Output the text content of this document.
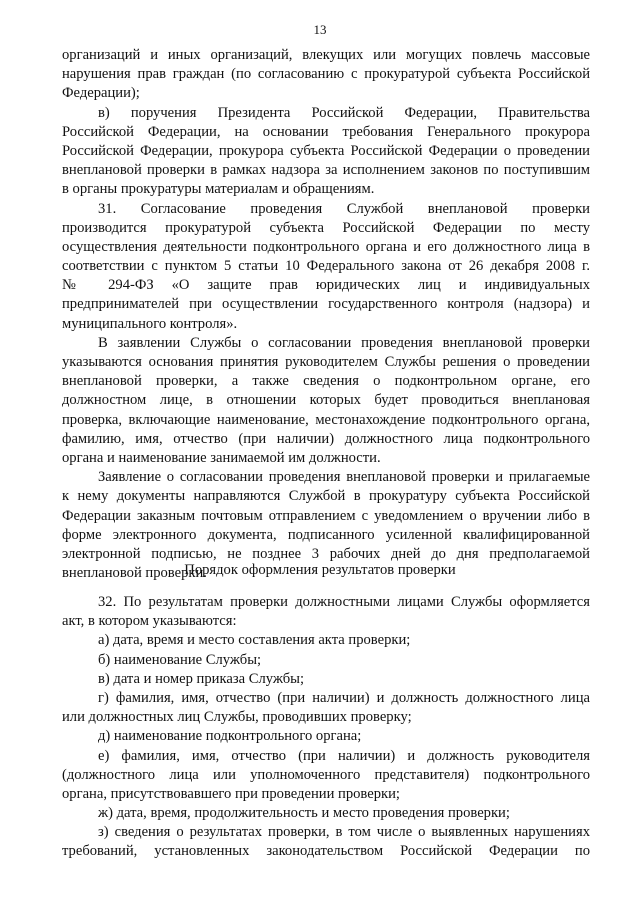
13
организаций и иных организаций, влекущих или могущих повлечь массовые
нарушения прав граждан (по согласованию с прокуратурой субъекта Российской
Федерации);
в) поручения Президента Российской Федерации, Правительства
Российской Федерации, на основании требования Генерального прокурора
Российской Федерации, прокурора субъекта Российской Федерации о проведении
внеплановой проверки в рамках надзора за исполнением законов по поступившим
в органы прокуратуры материалам и обращениям.
31. Согласование проведения Службой внеплановой проверки
производится прокуратурой субъекта Российской Федерации по месту
осуществления деятельности подконтрольного органа и его должностного лица в
соответствии с пунктом 5 статьи 10 Федерального закона от 26 декабря 2008 г.
№ 294-ФЗ «О защите прав юридических лиц и индивидуальных
предпринимателей при осуществлении государственного контроля (надзора) и
муниципального контроля».
В заявлении Службы о согласовании проведения внеплановой проверки
указываются основания принятия руководителем Службы решения о проведении
внеплановой проверки, а также сведения о подконтрольном органе, его
должностном лице, в отношении которых будет проводиться внеплановая
проверка, включающие наименование, местонахождение подконтрольного органа,
фамилию, имя, отчество (при наличии) должностного лица подконтрольного
органа и наименование занимаемой им должности.
Заявление о согласовании проведения внеплановой проверки и прилагаемые
к нему документы направляются Службой в прокуратуру субъекта Российской
Федерации заказным почтовым отправлением с уведомлением о вручении либо в
форме электронного документа, подписанного усиленной квалифицированной
электронной подписью, не позднее 3 рабочих дней до дня предполагаемой
внеплановой проверки.
Порядок оформления результатов проверки
32. По результатам проверки должностными лицами Службы оформляется
акт, в котором указываются:
а) дата, время и место составления акта проверки;
б) наименование Службы;
в) дата и номер приказа Службы;
г) фамилия, имя, отчество (при наличии) и должность должностного лица
или должностных лиц Службы, проводивших проверку;
д) наименование подконтрольного органа;
е) фамилия, имя, отчество (при наличии) и должность руководителя
(должностного лица или уполномоченного представителя) подконтрольного
органа, присутствовавшего при проведении проверки;
ж) дата, время, продолжительность и место проведения проверки;
з) сведения о результатах проверки, в том числе о выявленных нарушениях
требований, установленных законодательством Российской Федерации по
